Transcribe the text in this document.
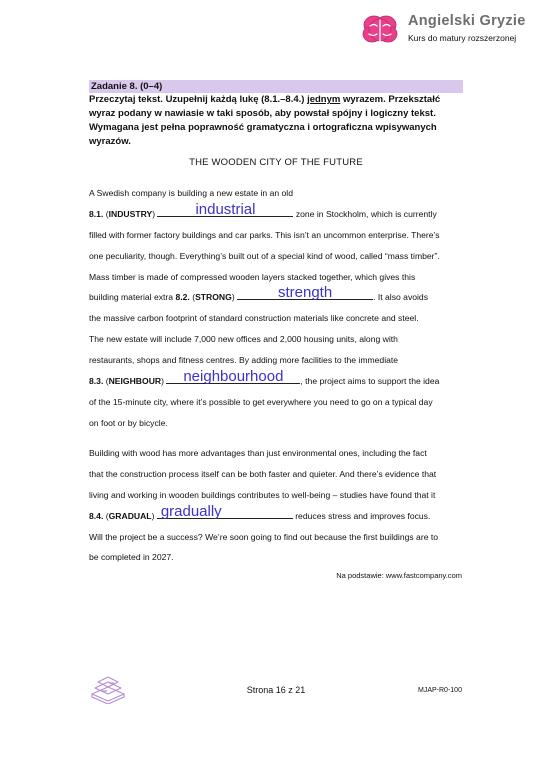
Angielski Gryzie
Kurs do matury rozszerzonej
Zadanie 8. (0–4)
Przeczytaj tekst. Uzupełnij każdą lukę (8.1.–8.4.) jednym wyrazem. Przekształć wyraz podany w nawiasie w taki sposób, aby powstał spójny i logiczny tekst. Wymagana jest pełna poprawność gramatyczna i ortograficzna wpisywanych wyrazów.
THE WOODEN CITY OF THE FUTURE
A Swedish company is building a new estate in an old
8.1. (INDUSTRY)	industrial	zone in Stockholm, which is currently
filled with former factory buildings and car parks. This isn’t an uncommon enterprise. There’s
one peculiarity, though. Everything’s built out of a special kind of wood, called “mass timber”.
Mass timber is made of compressed wooden layers stacked together, which gives this
building material extra 8.2. (STRONG)	strength	. It also avoids
the massive carbon footprint of standard construction materials like concrete and steel.
The new estate will include 7,000 new offices and 2,000 housing units, along with
restaurants, shops and fitness centres. By adding more facilities to the immediate
8.3. (NEIGHBOUR)	neighbourhood	, the project aims to support the idea
of the 15-minute city, where it’s possible to get everywhere you need to go on a typical day
on foot or by bicycle.
Building with wood has more advantages than just environmental ones, including the fact
that the construction process itself can be both faster and quieter. And there’s evidence that
living and working in wooden buildings contributes to well-being – studies have found that it
8.4. (GRADUAL) gradually	reduces stress and improves focus.
Will the project be a success? We’re soon going to find out because the first buildings are to
be completed in 2027.
Na podstawie: www.fastcompany.com
Strona 16 z 21	MJAP-R0-100
